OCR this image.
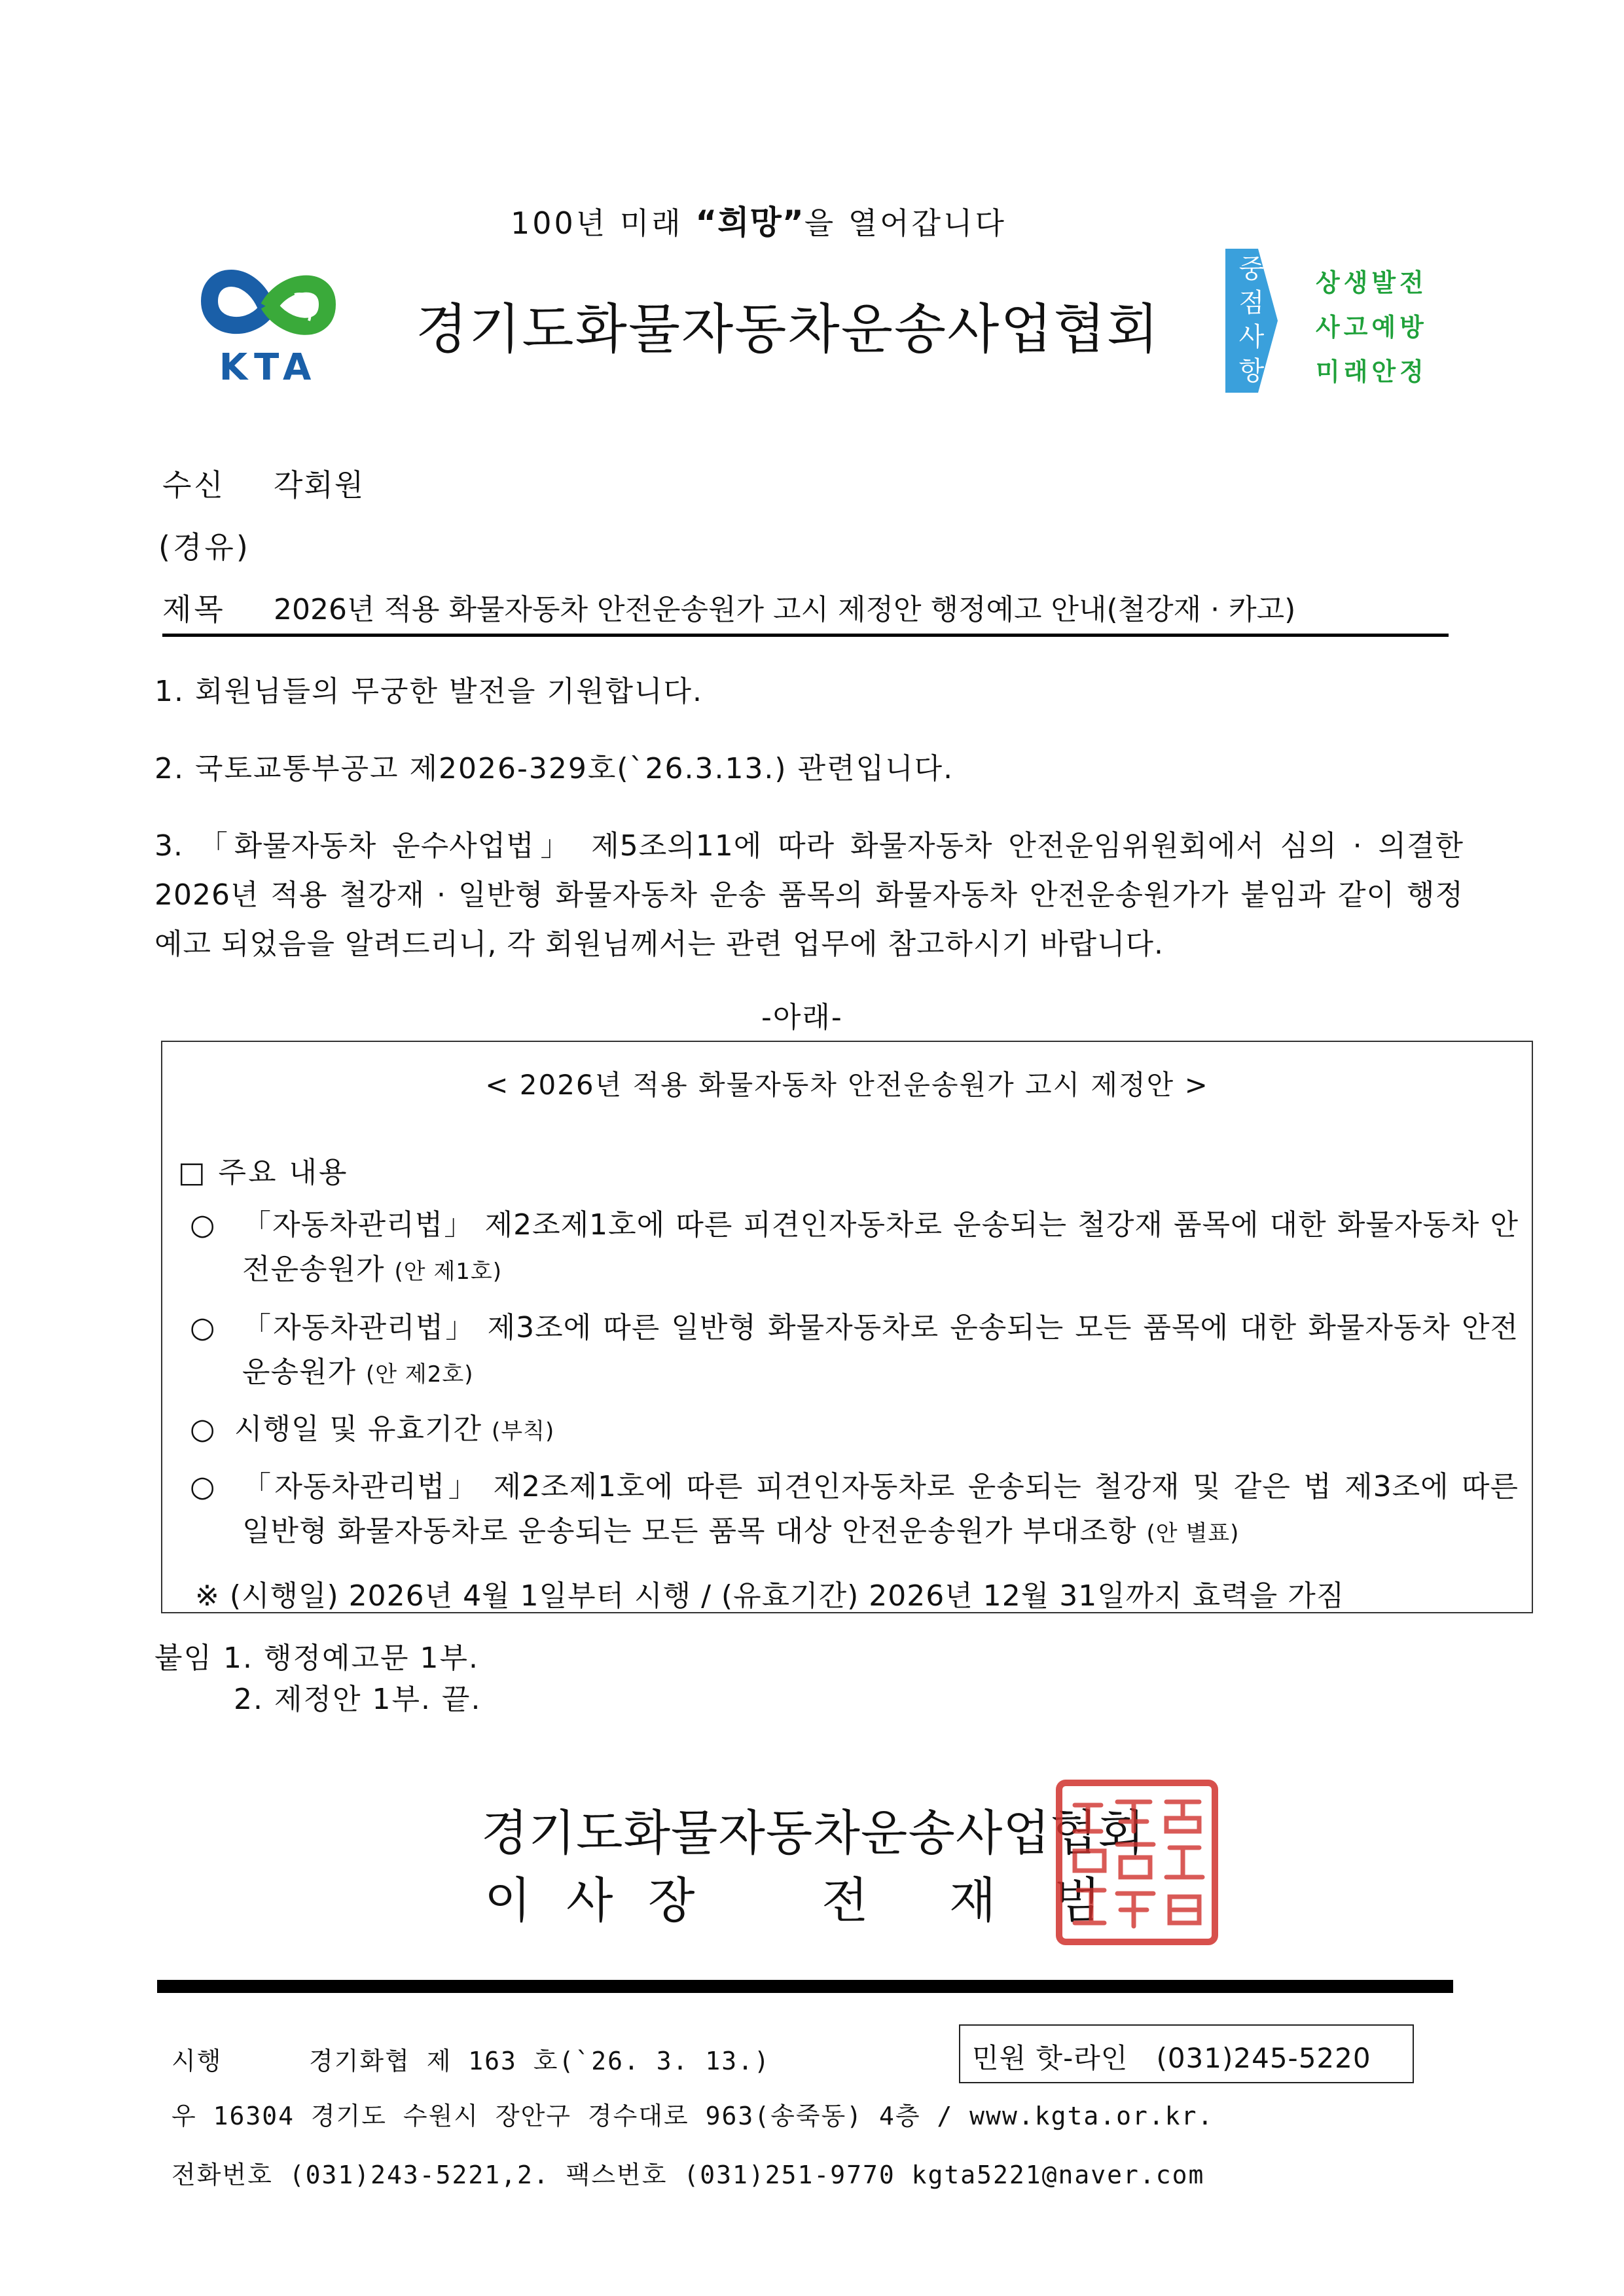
100년 미래 “희망”을 열어갑니다
KTA
경기도화물자동차운송사업협회
중점사항
상생발전
사고예방
미래안정
수신 각회원
(경유)
제목 2026년 적용 화물자동차 안전운송원가 고시 제정안 행정예고 안내(철강재 · 카고)
1. 회원님들의 무궁한 발전을 기원합니다.
2. 국토교통부공고 제2026-329호(`26.3.13.) 관련입니다.
3. 「화물자동차 운수사업법」 제5조의11에 따라 화물자동차 안전운임위원회에서 심의 · 의결한 2026년 적용 철강재 · 일반형 화물자동차 운송 품목의 화물자동차 안전운송원가가 붙임과 같이 행정예고 되었음을 알려드리니, 각 회원님께서는 관련 업무에 참고하시기 바랍니다.
-아래-
< 2026년 적용 화물자동차 안전운송원가 고시 제정안 >
□ 주요 내용
○ 「자동차관리법」 제2조제1호에 따른 피견인자동차로 운송되는 철강재 품목에 대한 화물자동차 안전운송원가 (안 제1호)
○ 「자동차관리법」 제3조에 따른 일반형 화물자동차로 운송되는 모든 품목에 대한 화물자동차 안전운송원가 (안 제2호)
○ 시행일 및 유효기간 (부칙)
○ 「자동차관리법」 제2조제1호에 따른 피견인자동차로 운송되는 철강재 및 같은 법 제3조에 따른 일반형 화물자동차로 운송되는 모든 품목 대상 안전운송원가 부대조항 (안 별표)
※ (시행일) 2026년 4월 1일부터 시행 / (유효기간) 2026년 12월 31일까지 효력을 가짐
붙임 1. 행정예고문 1부.
2. 제정안 1부. 끝.
경기도화물자동차운송사업협회
이 사 장	전 재 범
시행	경기화협 제 163 호(`26. 3. 13.)	민원 핫-라인 (031)245-5220
우 16304 경기도 수원시 장안구 경수대로 963(송죽동) 4층 / www.kgta.or.kr.
전화번호 (031)243-5221,2. 팩스번호 (031)251-9770 kgta5221@naver.com
